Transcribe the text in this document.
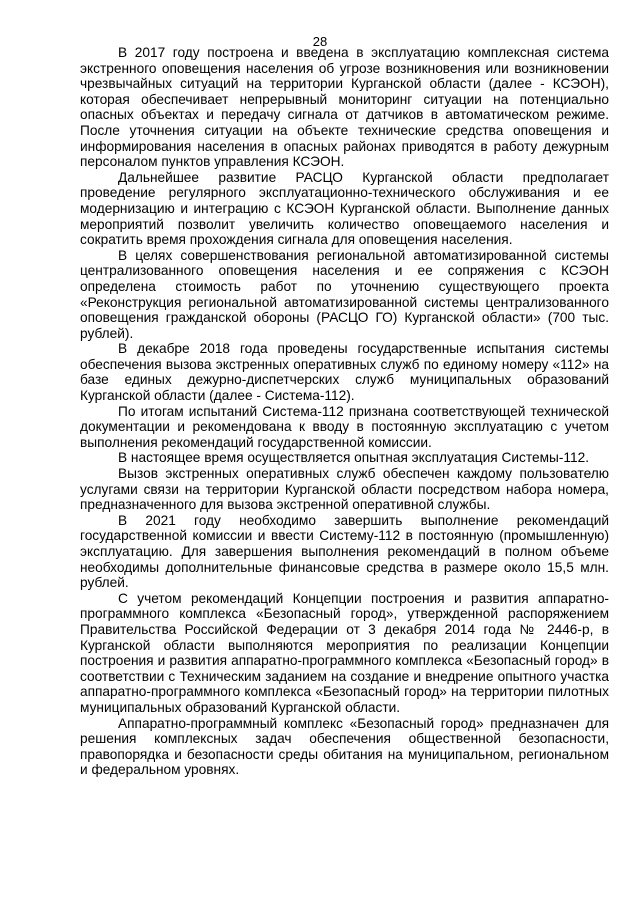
28

В 2017 году построена и введена в эксплуатацию комплексная система экстренного оповещения населения об угрозе возникновения или возникновении чрезвычайных ситуаций на территории Курганской области (далее - КСЭОН), которая обеспечивает непрерывный мониторинг ситуации на потенциально опасных объектах и передачу сигнала от датчиков в автоматическом режиме. После уточнения ситуации на объекте технические средства оповещения и информирования населения в опасных районах приводятся в работу дежурным персоналом пунктов управления КСЭОН.

Дальнейшее развитие РАСЦО Курганской области предполагает проведение регулярного эксплуатационно-технического обслуживания и ее модернизацию и интеграцию с КСЭОН Курганской области. Выполнение данных мероприятий позволит увеличить количество оповещаемого населения и сократить время прохождения сигнала для оповещения населения.

В целях совершенствования региональной автоматизированной системы централизованного оповещения населения и ее сопряжения с КСЭОН определена стоимость работ по уточнению существующего проекта «Реконструкция региональной автоматизированной системы централизованного оповещения гражданской обороны (РАСЦО ГО) Курганской области» (700 тыс. рублей).

В декабре 2018 года проведены государственные испытания системы обеспечения вызова экстренных оперативных служб по единому номеру «112» на базе единых дежурно-диспетчерских служб муниципальных образований Курганской области (далее - Система-112).

По итогам испытаний Система-112 признана соответствующей технической документации и рекомендована к вводу в постоянную эксплуатацию с учетом выполнения рекомендаций государственной комиссии.

В настоящее время осуществляется опытная эксплуатация Системы-112.

Вызов экстренных оперативных служб обеспечен каждому пользователю услугами связи на территории Курганской области посредством набора номера, предназначенного для вызова экстренной оперативной службы.

В 2021 году необходимо завершить выполнение рекомендаций государственной комиссии и ввести Систему-112 в постоянную (промышленную) эксплуатацию. Для завершения выполнения рекомендаций в полном объеме необходимы дополнительные финансовые средства в размере около 15,5 млн. рублей.

С учетом рекомендаций Концепции построения и развития аппаратно-программного комплекса «Безопасный город», утвержденной распоряжением Правительства Российской Федерации от 3 декабря 2014 года № 2446-р, в Курганской области выполняются мероприятия по реализации Концепции построения и развития аппаратно-программного комплекса «Безопасный город» в соответствии с Техническим заданием на создание и внедрение опытного участка аппаратно-программного комплекса «Безопасный город» на территории пилотных муниципальных образований Курганской области.

Аппаратно-программный комплекс «Безопасный город» предназначен для решения комплексных задач обеспечения общественной безопасности, правопорядка и безопасности среды обитания на муниципальном, региональном и федеральном уровнях.
